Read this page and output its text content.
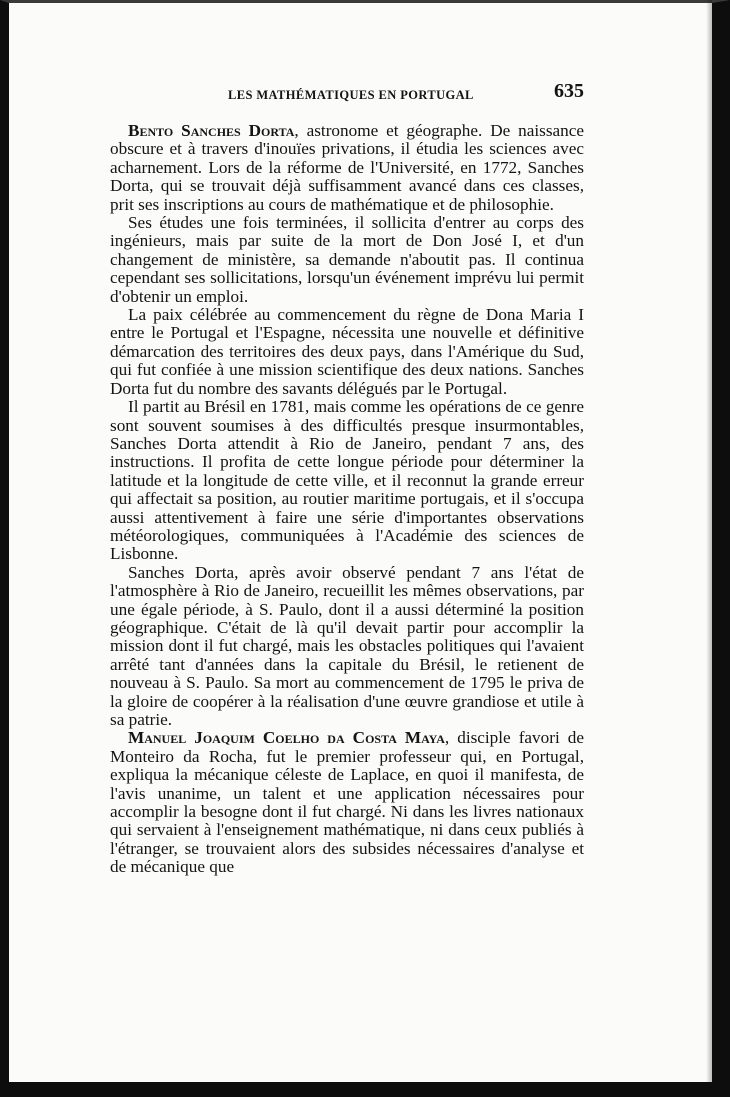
LES MATHÉMATIQUES EN PORTUGAL	635

Bento Sanches Dorta, astronome et géographe. De naissance obscure et à travers d'inouïes privations, il étudia les sciences avec acharnement. Lors de la réforme de l'Université, en 1772, Sanches Dorta, qui se trouvait déjà suffisamment avancé dans ces classes, prit ses inscriptions au cours de mathématique et de philosophie.

Ses études une fois terminées, il sollicita d'entrer au corps des ingénieurs, mais par suite de la mort de Don José I, et d'un changement de ministère, sa demande n'aboutit pas. Il continua cependant ses sollicitations, lorsqu'un événement imprévu lui permit d'obtenir un emploi.

La paix célébrée au commencement du règne de Dona Maria I entre le Portugal et l'Espagne, nécessita une nouvelle et définitive démarcation des territoires des deux pays, dans l'Amérique du Sud, qui fut confiée à une mission scientifique des deux nations. Sanches Dorta fut du nombre des savants délégués par le Portugal.

Il partit au Brésil en 1781, mais comme les opérations de ce genre sont souvent soumises à des difficultés presque insurmontables, Sanches Dorta attendit à Rio de Janeiro, pendant 7 ans, des instructions. Il profita de cette longue période pour déterminer la latitude et la longitude de cette ville, et il reconnut la grande erreur qui affectait sa position, au routier maritime portugais, et il s'occupa aussi attentivement à faire une série d'importantes observations météorologiques, communiquées à l'Académie des sciences de Lisbonne.

Sanches Dorta, après avoir observé pendant 7 ans l'état de l'atmosphère à Rio de Janeiro, recueillit les mêmes observations, par une égale période, à S. Paulo, dont il a aussi déterminé la position géographique. C'était de là qu'il devait partir pour accomplir la mission dont il fut chargé, mais les obstacles politiques qui l'avaient arrêté tant d'années dans la capitale du Brésil, le retienent de nouveau à S. Paulo. Sa mort au commencement de 1795 le priva de la gloire de coopérer à la réalisation d'une œuvre grandiose et utile à sa patrie.

Manuel Joaquim Coelho da Costa Maya, disciple favori de Monteiro da Rocha, fut le premier professeur qui, en Portugal, expliqua la mécanique céleste de Laplace, en quoi il manifesta, de l'avis unanime, un talent et une application nécessaires pour accomplir la besogne dont il fut chargé. Ni dans les livres nationaux qui servaient à l'enseignement mathématique, ni dans ceux publiés à l'étranger, se trouvaient alors des subsides nécessaires d'analyse et de mécanique que
